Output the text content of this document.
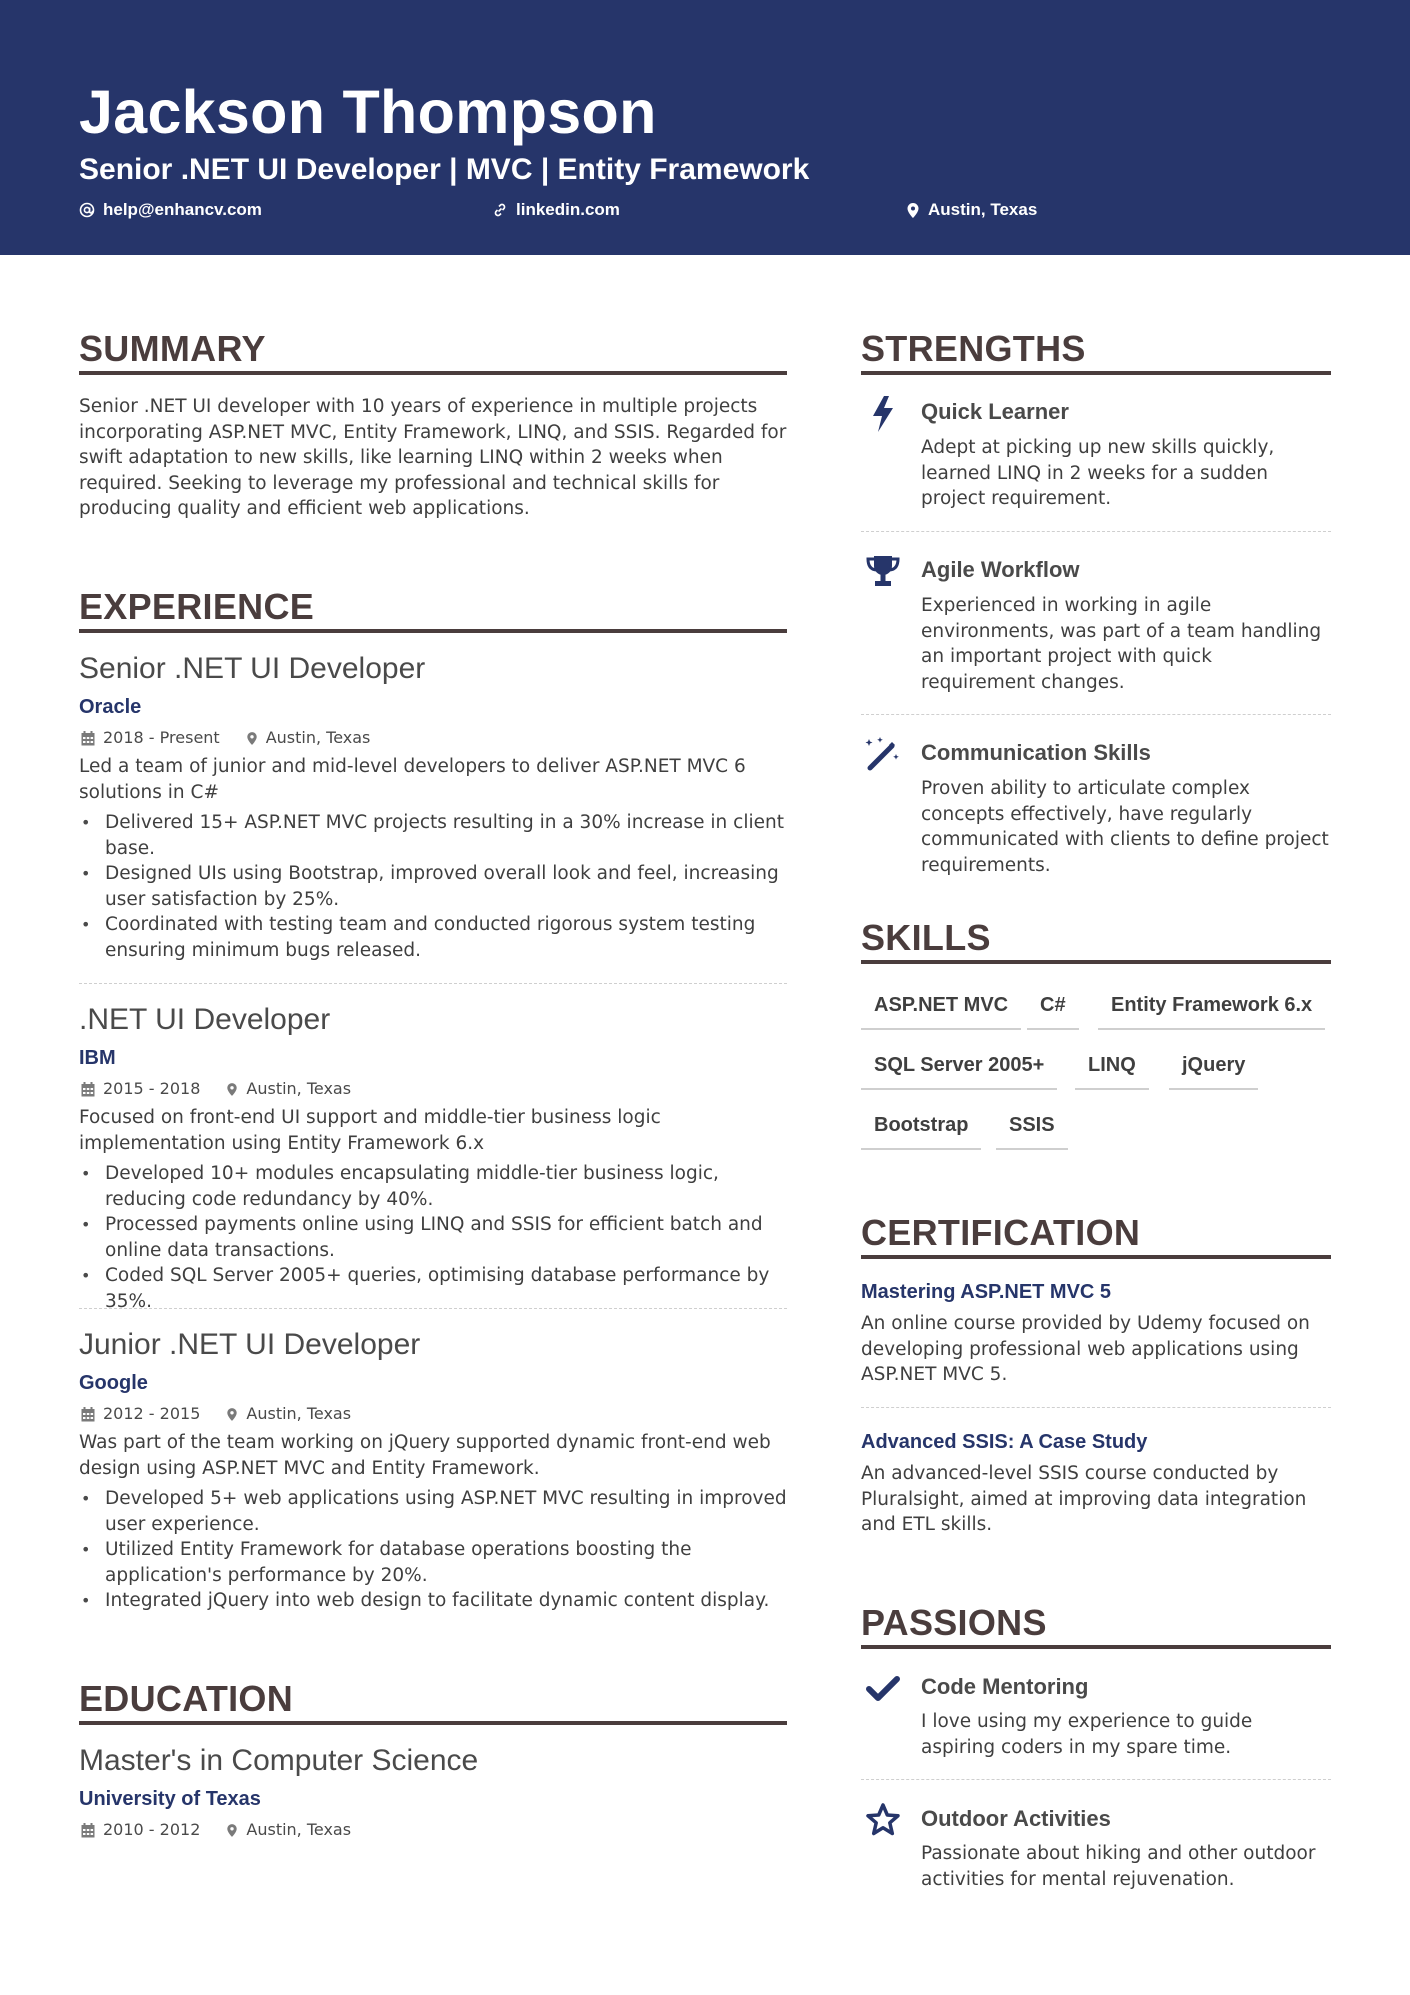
Jackson Thompson
Senior .NET UI Developer | MVC | Entity Framework
help@enhancv.com	linkedin.com	Austin, Texas
SUMMARY
Senior .NET UI developer with 10 years of experience in multiple projects incorporating ASP.NET MVC, Entity Framework, LINQ, and SSIS. Regarded for swift adaptation to new skills, like learning LINQ within 2 weeks when required. Seeking to leverage my professional and technical skills for producing quality and efficient web applications.
EXPERIENCE
Senior .NET UI Developer
Oracle
2018 - Present	Austin, Texas
Led a team of junior and mid-level developers to deliver ASP.NET MVC 6 solutions in C#
• Delivered 15+ ASP.NET MVC projects resulting in a 30% increase in client base.
• Designed UIs using Bootstrap, improved overall look and feel, increasing user satisfaction by 25%.
• Coordinated with testing team and conducted rigorous system testing ensuring minimum bugs released.
.NET UI Developer
IBM
2015 - 2018	Austin, Texas
Focused on front-end UI support and middle-tier business logic implementation using Entity Framework 6.x
• Developed 10+ modules encapsulating middle-tier business logic, reducing code redundancy by 40%.
• Processed payments online using LINQ and SSIS for efficient batch and online data transactions.
• Coded SQL Server 2005+ queries, optimising database performance by 35%.
Junior .NET UI Developer
Google
2012 - 2015	Austin, Texas
Was part of the team working on jQuery supported dynamic front-end web design using ASP.NET MVC and Entity Framework.
• Developed 5+ web applications using ASP.NET MVC resulting in improved user experience.
• Utilized Entity Framework for database operations boosting the application's performance by 20%.
• Integrated jQuery into web design to facilitate dynamic content display.
EDUCATION
Master's in Computer Science
University of Texas
2010 - 2012	Austin, Texas
STRENGTHS
Quick Learner
Adept at picking up new skills quickly, learned LINQ in 2 weeks for a sudden project requirement.
Agile Workflow
Experienced in working in agile environments, was part of a team handling an important project with quick requirement changes.
Communication Skills
Proven ability to articulate complex concepts effectively, have regularly communicated with clients to define project requirements.
SKILLS
ASP.NET MVC	C#	Entity Framework 6.x
SQL Server 2005+	LINQ	jQuery
Bootstrap	SSIS
CERTIFICATION
Mastering ASP.NET MVC 5
An online course provided by Udemy focused on developing professional web applications using ASP.NET MVC 5.
Advanced SSIS: A Case Study
An advanced-level SSIS course conducted by Pluralsight, aimed at improving data integration and ETL skills.
PASSIONS
Code Mentoring
I love using my experience to guide aspiring coders in my spare time.
Outdoor Activities
Passionate about hiking and other outdoor activities for mental rejuvenation.
